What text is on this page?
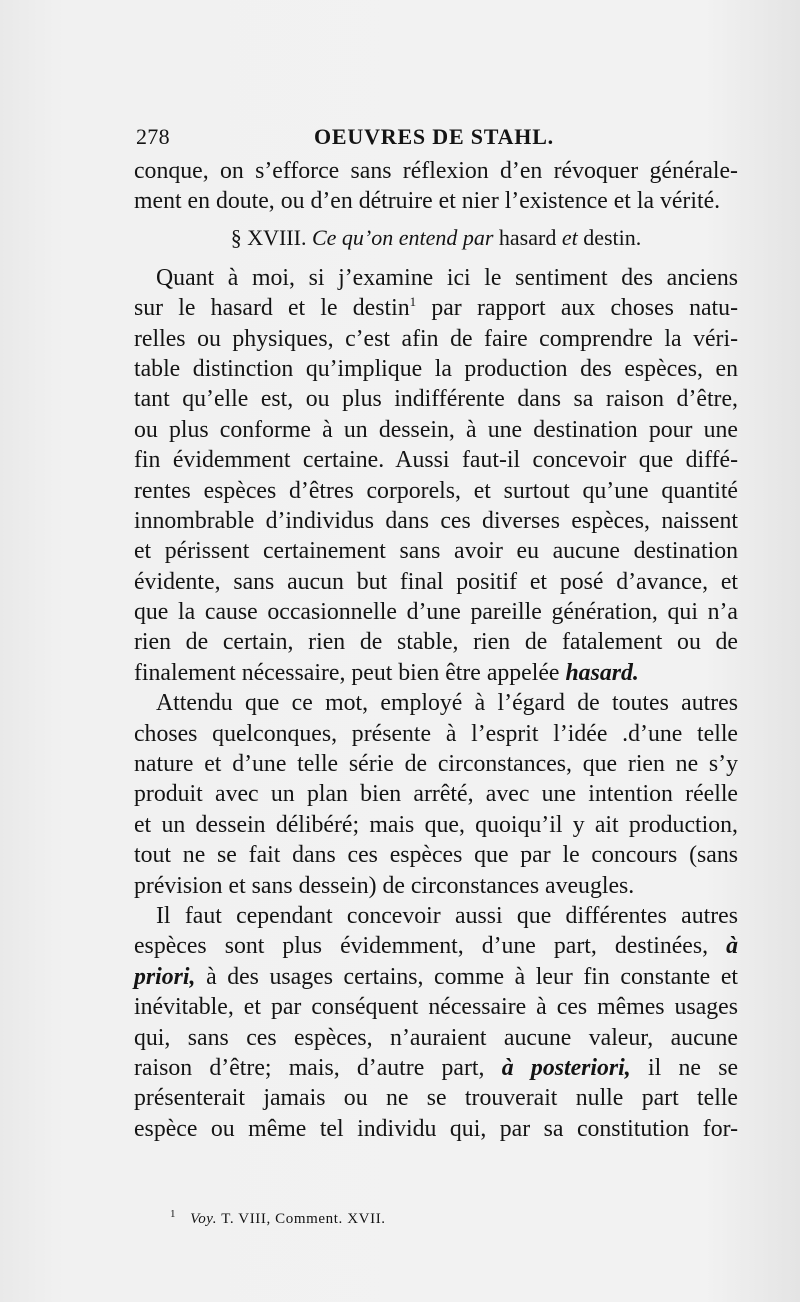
278	OEUVRES DE STAHL.
conque, on s’efforce sans réflexion d’en révoquer générale-
ment en doute, ou d’en détruire et nier l’existence et la vérité.
§ XVIII. Ce qu’on entend par hasard et destin.
Quant à moi, si j’examine ici le sentiment des anciens
sur le hasard et le destin$^1$ par rapport aux choses natu-
relles ou physiques, c’est afin de faire comprendre la véri-
table distinction qu’implique la production des espèces, en
tant qu’elle est, ou plus indifférente dans sa raison d’être,
ou plus conforme à un dessein, à une destination pour une
fin évidemment certaine. Aussi faut-il concevoir que diffé-
rentes espèces d’êtres corporels, et surtout qu’une quantité
innombrable d’individus dans ces diverses espèces, naissent
et périssent certainement sans avoir eu aucune destination
évidente, sans aucun but final positif et posé d’avance, et
que la cause occasionnelle d’une pareille génération, qui n’a
rien de certain, rien de stable, rien de fatalement ou de
finalement nécessaire, peut bien être appelée hasard.
Attendu que ce mot, employé à l’égard de toutes autres
choses quelconques, présente à l’esprit l’idée .d’une telle
nature et d’une telle série de circonstances, que rien ne s’y
produit avec un plan bien arrêté, avec une intention réelle
et un dessein délibéré; mais que, quoiqu’il y ait production,
tout ne se fait dans ces espèces que par le concours (sans
prévision et sans dessein) de circonstances aveugles.
Il faut cependant concevoir aussi que différentes autres
espèces sont plus évidemment, d’une part, destinées, à
priori, à des usages certains, comme à leur fin constante et
inévitable, et par conséquent nécessaire à ces mêmes usages
qui, sans ces espèces, n’auraient aucune valeur, aucune
raison d’être; mais, d’autre part, à posteriori, il ne se
présenterait jamais ou ne se trouverait nulle part telle
espèce ou même tel individu qui, par sa constitution for-
$^1$ Voy. T. VIII, Comment. XVII.
